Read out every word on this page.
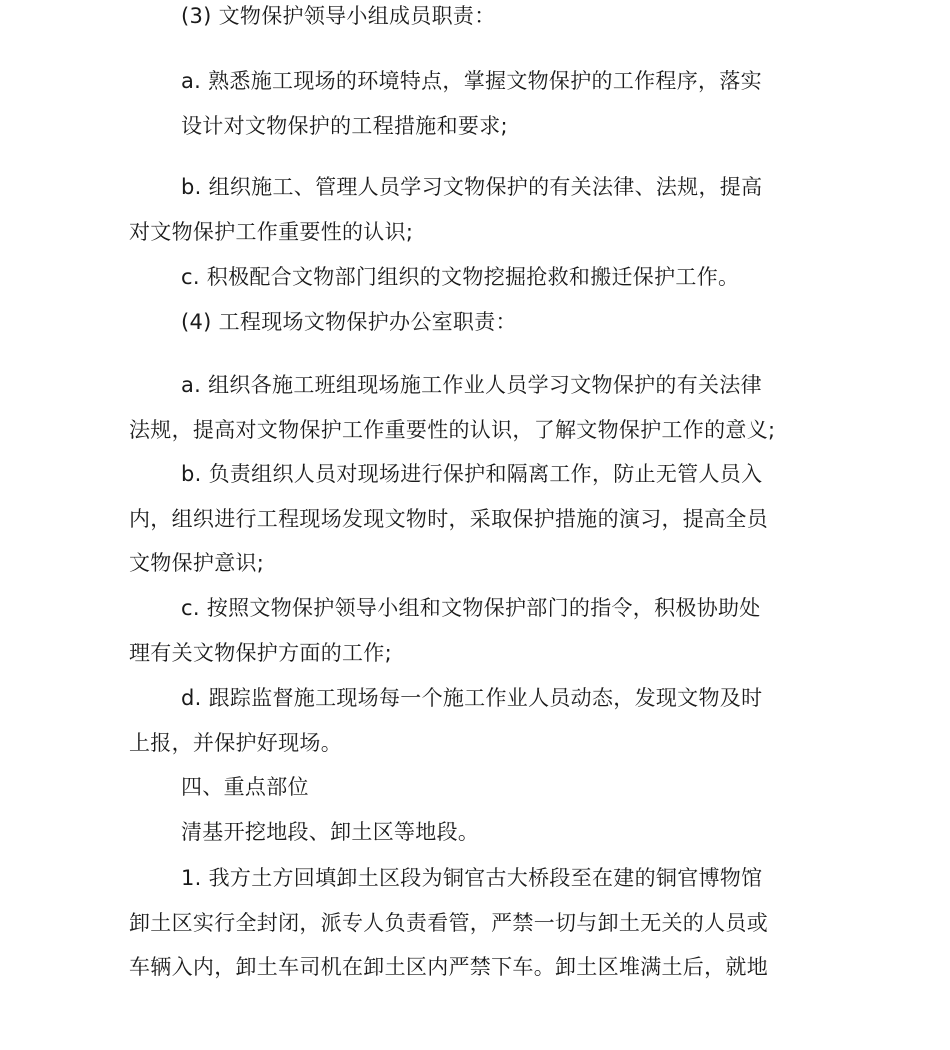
(3) 文物保护领导小组成员职责：
a. 熟悉施工现场的环境特点，掌握文物保护的工作程序，落实
设计对文物保护的工程措施和要求;
b. 组织施工、管理人员学习文物保护的有关法律、法规，提高
对文物保护工作重要性的认识;
c. 积极配合文物部门组织的文物挖掘抢救和搬迁保护工作。
(4) 工程现场文物保护办公室职责：
a. 组织各施工班组现场施工作业人员学习文物保护的有关法律
法规，提高对文物保护工作重要性的认识，了解文物保护工作的意义;
b. 负责组织人员对现场进行保护和隔离工作，防止无管人员入
内，组织进行工程现场发现文物时，采取保护措施的演习，提高全员
文物保护意识;
c. 按照文物保护领导小组和文物保护部门的指令，积极协助处
理有关文物保护方面的工作;
d. 跟踪监督施工现场每一个施工作业人员动态，发现文物及时
上报，并保护好现场。
四、重点部位
清基开挖地段、卸土区等地段。
1. 我方土方回填卸土区段为铜官古大桥段至在建的铜官博物馆
卸土区实行全封闭，派专人负责看管，严禁一切与卸土无关的人员或
车辆入内，卸土车司机在卸土区内严禁下车。卸土区堆满土后，就地
